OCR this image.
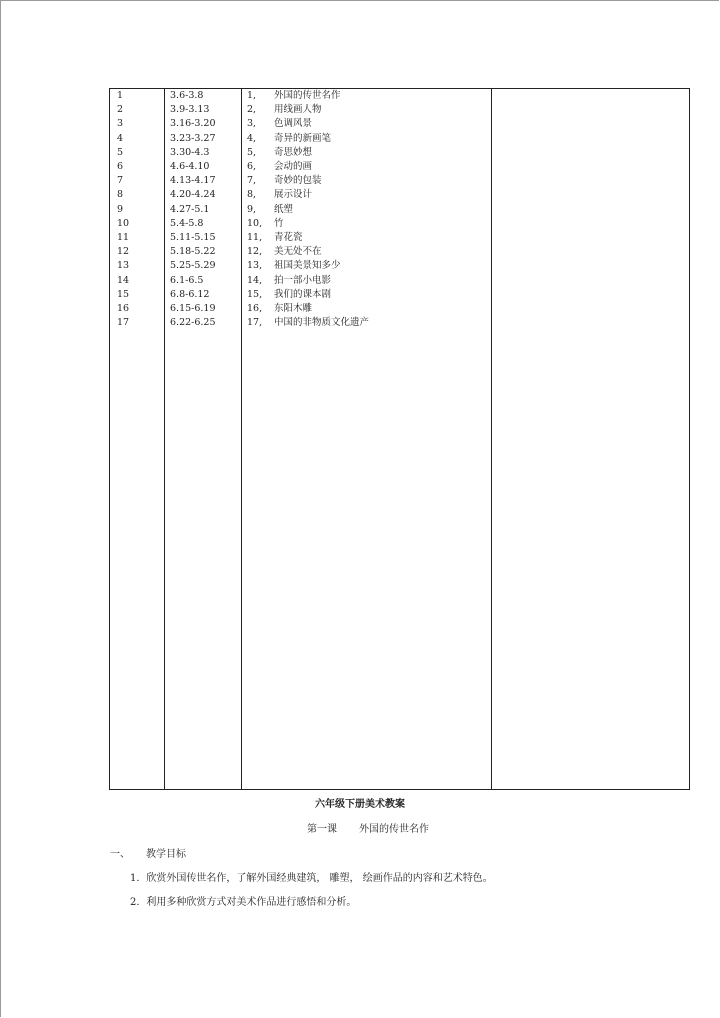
1	3.6-3.8	1, 外国的传世名作
2	3.9-3.13	2, 用线画人物
3	3.16-3.20	3, 色调风景
4	3.23-3.27	4, 奇异的新画笔
5	3.30-4.3	5, 奇思妙想
6	4.6-4.10	6, 会动的画
7	4.13-4.17	7, 奇妙的包装
8	4.20-4.24	8, 展示设计
9	4.27-5.1	9, 纸塑
10	5.4-5.8	10, 竹
11	5.11-5.15	11, 青花瓷
12	5.18-5.22	12, 美无处不在
13	5.25-5.29	13, 祖国美景知多少
14	6.1-6.5	14, 拍一部小电影
15	6.8-6.12	15, 我们的课本剧
16	6.15-6.19	16, 东阳木雕
17	6.22-6.25	17, 中国的非物质文化遗产
六年级下册美术教案
第一课 外国的传世名作
一、 教学目标
1．欣赏外国传世名作，了解外国经典建筑， 雕塑， 绘画作品的内容和艺术特色。
2．利用多种欣赏方式对美术作品进行感悟和分析。
